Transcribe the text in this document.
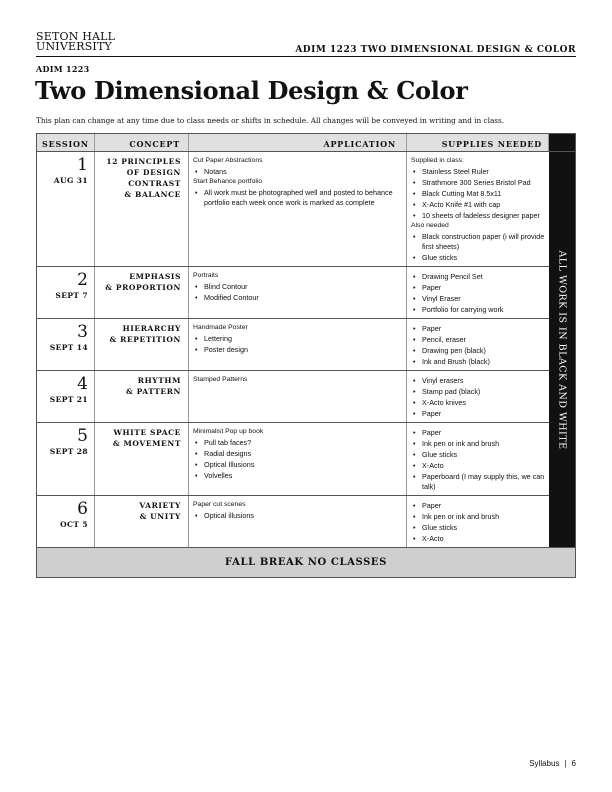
SETON HALL
UNIVERSITY	ADIM 1223 TWO DIMENSIONAL DESIGN & COLOR
ADIM 1223
Two Dimensional Design & Color
This plan can change at any time due to class needs or shifts in schedule. All changes will be conveyed in writing and in class.
SESSION	CONCEPT	APPLICATION	SUPPLIES NEEDED
1
AUG 31
12 PRINCIPLES
OF DESIGN
CONTRAST
& BALANCE
Cut Paper Abstractions
• Notans
Start Behance portfolio
• All work must be photographed well and posted to behance portfolio each week once work is marked as complete
Supplied in class:
• Stainless Steel Ruler
• Strathmore 300 Series Bristol Pad
• Black Cutting Mat 8.5x11
• X-Acto Knife #1 with cap
• 10 sheets of fadeless designer paper
Also needed
• Black construction paper (i will provide first sheets)
• Glue sticks
2
SEPT 7
EMPHASIS
& PROPORTION
Portraits
• Blind Contour
• Modified Contour
• Drawing Pencil Set
• Paper
• Vinyl Eraser
• Portfolio for carrying work
3
SEPT 14
HIERARCHY
& REPETITION
Handmade Poster
• Lettering
• Poster design
• Paper
• Pencil, eraser
• Drawing pen (black)
• Ink and Brush (black)
4
SEPT 21
RHYTHM
& PATTERN
Stamped Patterns
•	Vinyl erasers
• Stamp pad (black)
• X-Acto knives
• Paper
5
SEPT 28
WHITE SPACE
& MOVEMENT
Minimalist Pop up book
• Pull tab faces?
• Radial designs
• Optical Illusions
• Volvelles
• Paper
• Ink pen or ink and brush
• Glue sticks
• X-Acto
• Paperboard (I may supply this, we can talk)
6
OCT 5
VARIETY
& UNITY
Paper cut scenes
• Optical illusions
• Paper
• Ink pen or ink and brush
• Glue sticks
• X-Acto
ALL WORK IS IN BLACK AND WHITE
FALL BREAK NO CLASSES
Syllabus | 6
